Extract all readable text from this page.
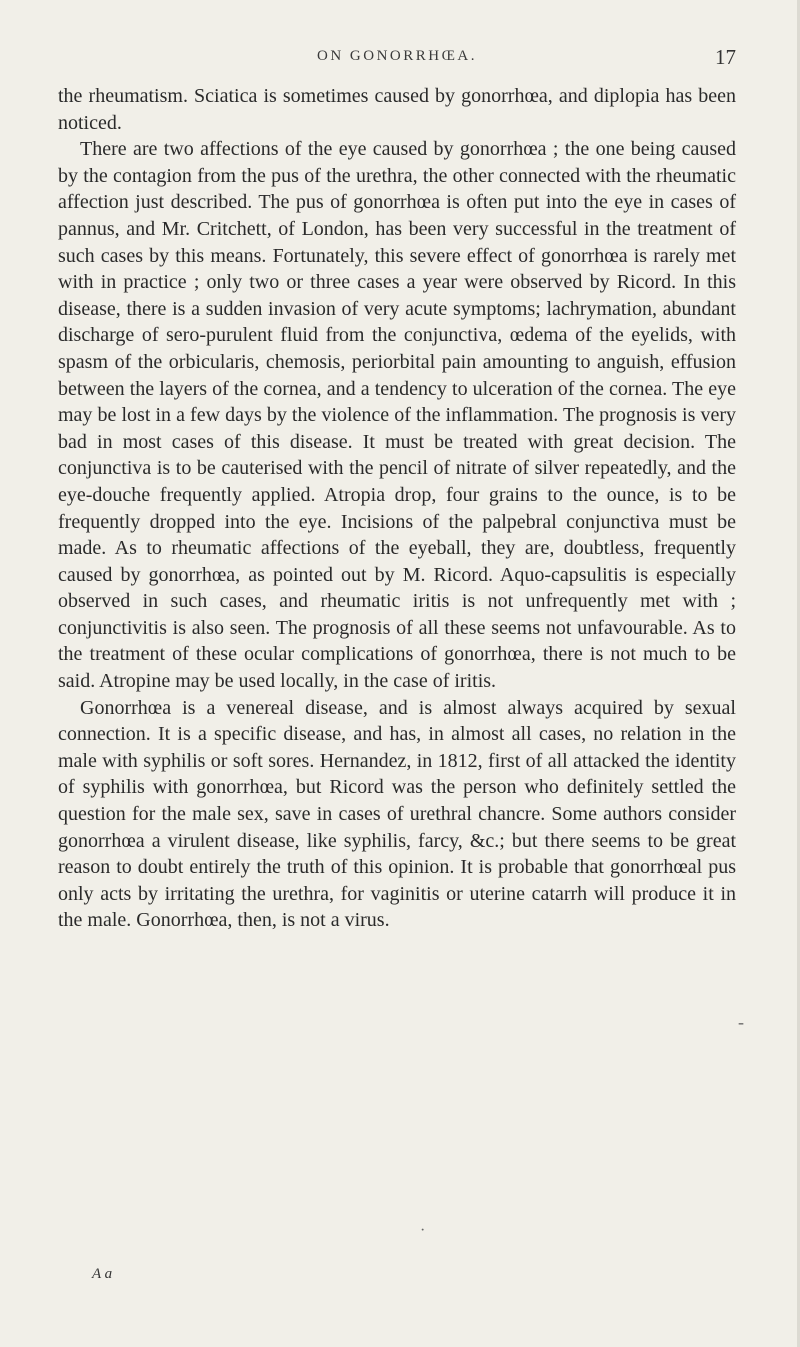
ON GONORRHŒA.	17

the rheumatism. Sciatica is sometimes caused by gonorrhœa, and diplopia has been noticed.

There are two affections of the eye caused by gonorrhœa ; the one being caused by the contagion from the pus of the urethra, the other connected with the rheumatic affection just described. The pus of gonorrhœa is often put into the eye in cases of pannus, and Mr. Critchett, of London, has been very successful in the treatment of such cases by this means. Fortunately, this severe effect of gonorrhœa is rarely met with in practice ; only two or three cases a year were observed by Ricord. In this disease, there is a sudden invasion of very acute symptoms; lachrymation, abundant discharge of sero-purulent fluid from the conjunctiva, œdema of the eyelids, with spasm of the orbicularis, chemosis, periorbital pain amounting to anguish, effusion between the layers of the cornea, and a tendency to ulceration of the cornea. The eye may be lost in a few days by the violence of the inflammation. The prognosis is very bad in most cases of this disease. It must be treated with great decision. The conjunctiva is to be cauterised with the pencil of nitrate of silver repeatedly, and the eye-douche frequently applied. Atropia drop, four grains to the ounce, is to be frequently dropped into the eye. Incisions of the palpebral conjunctiva must be made. As to rheumatic affections of the eyeball, they are, doubtless, frequently caused by gonorrhœa, as pointed out by M. Ricord. Aquo-capsulitis is especially observed in such cases, and rheumatic iritis is not unfrequently met with ; conjunctivitis is also seen. The prognosis of all these seems not unfavourable. As to the treatment of these ocular complications of gonorrhœa, there is not much to be said. Atropine may be used locally, in the case of iritis.

Gonorrhœa is a venereal disease, and is almost always acquired by sexual connection. It is a specific disease, and has, in almost all cases, no relation in the male with syphilis or soft sores. Hernandez, in 1812, first of all attacked the identity of syphilis with gonorrhœa, but Ricord was the person who definitely settled the question for the male sex, save in cases of urethral chancre. Some authors consider gonorrhœa a virulent disease, like syphilis, farcy, &c.; but there seems to be great reason to doubt entirely the truth of this opinion. It is probable that gonorrhœal pus only acts by irritating the urethra, for vaginitis or uterine catarrh will produce it in the male. Gonorrhœa, then, is not a virus.

-
·
A a
